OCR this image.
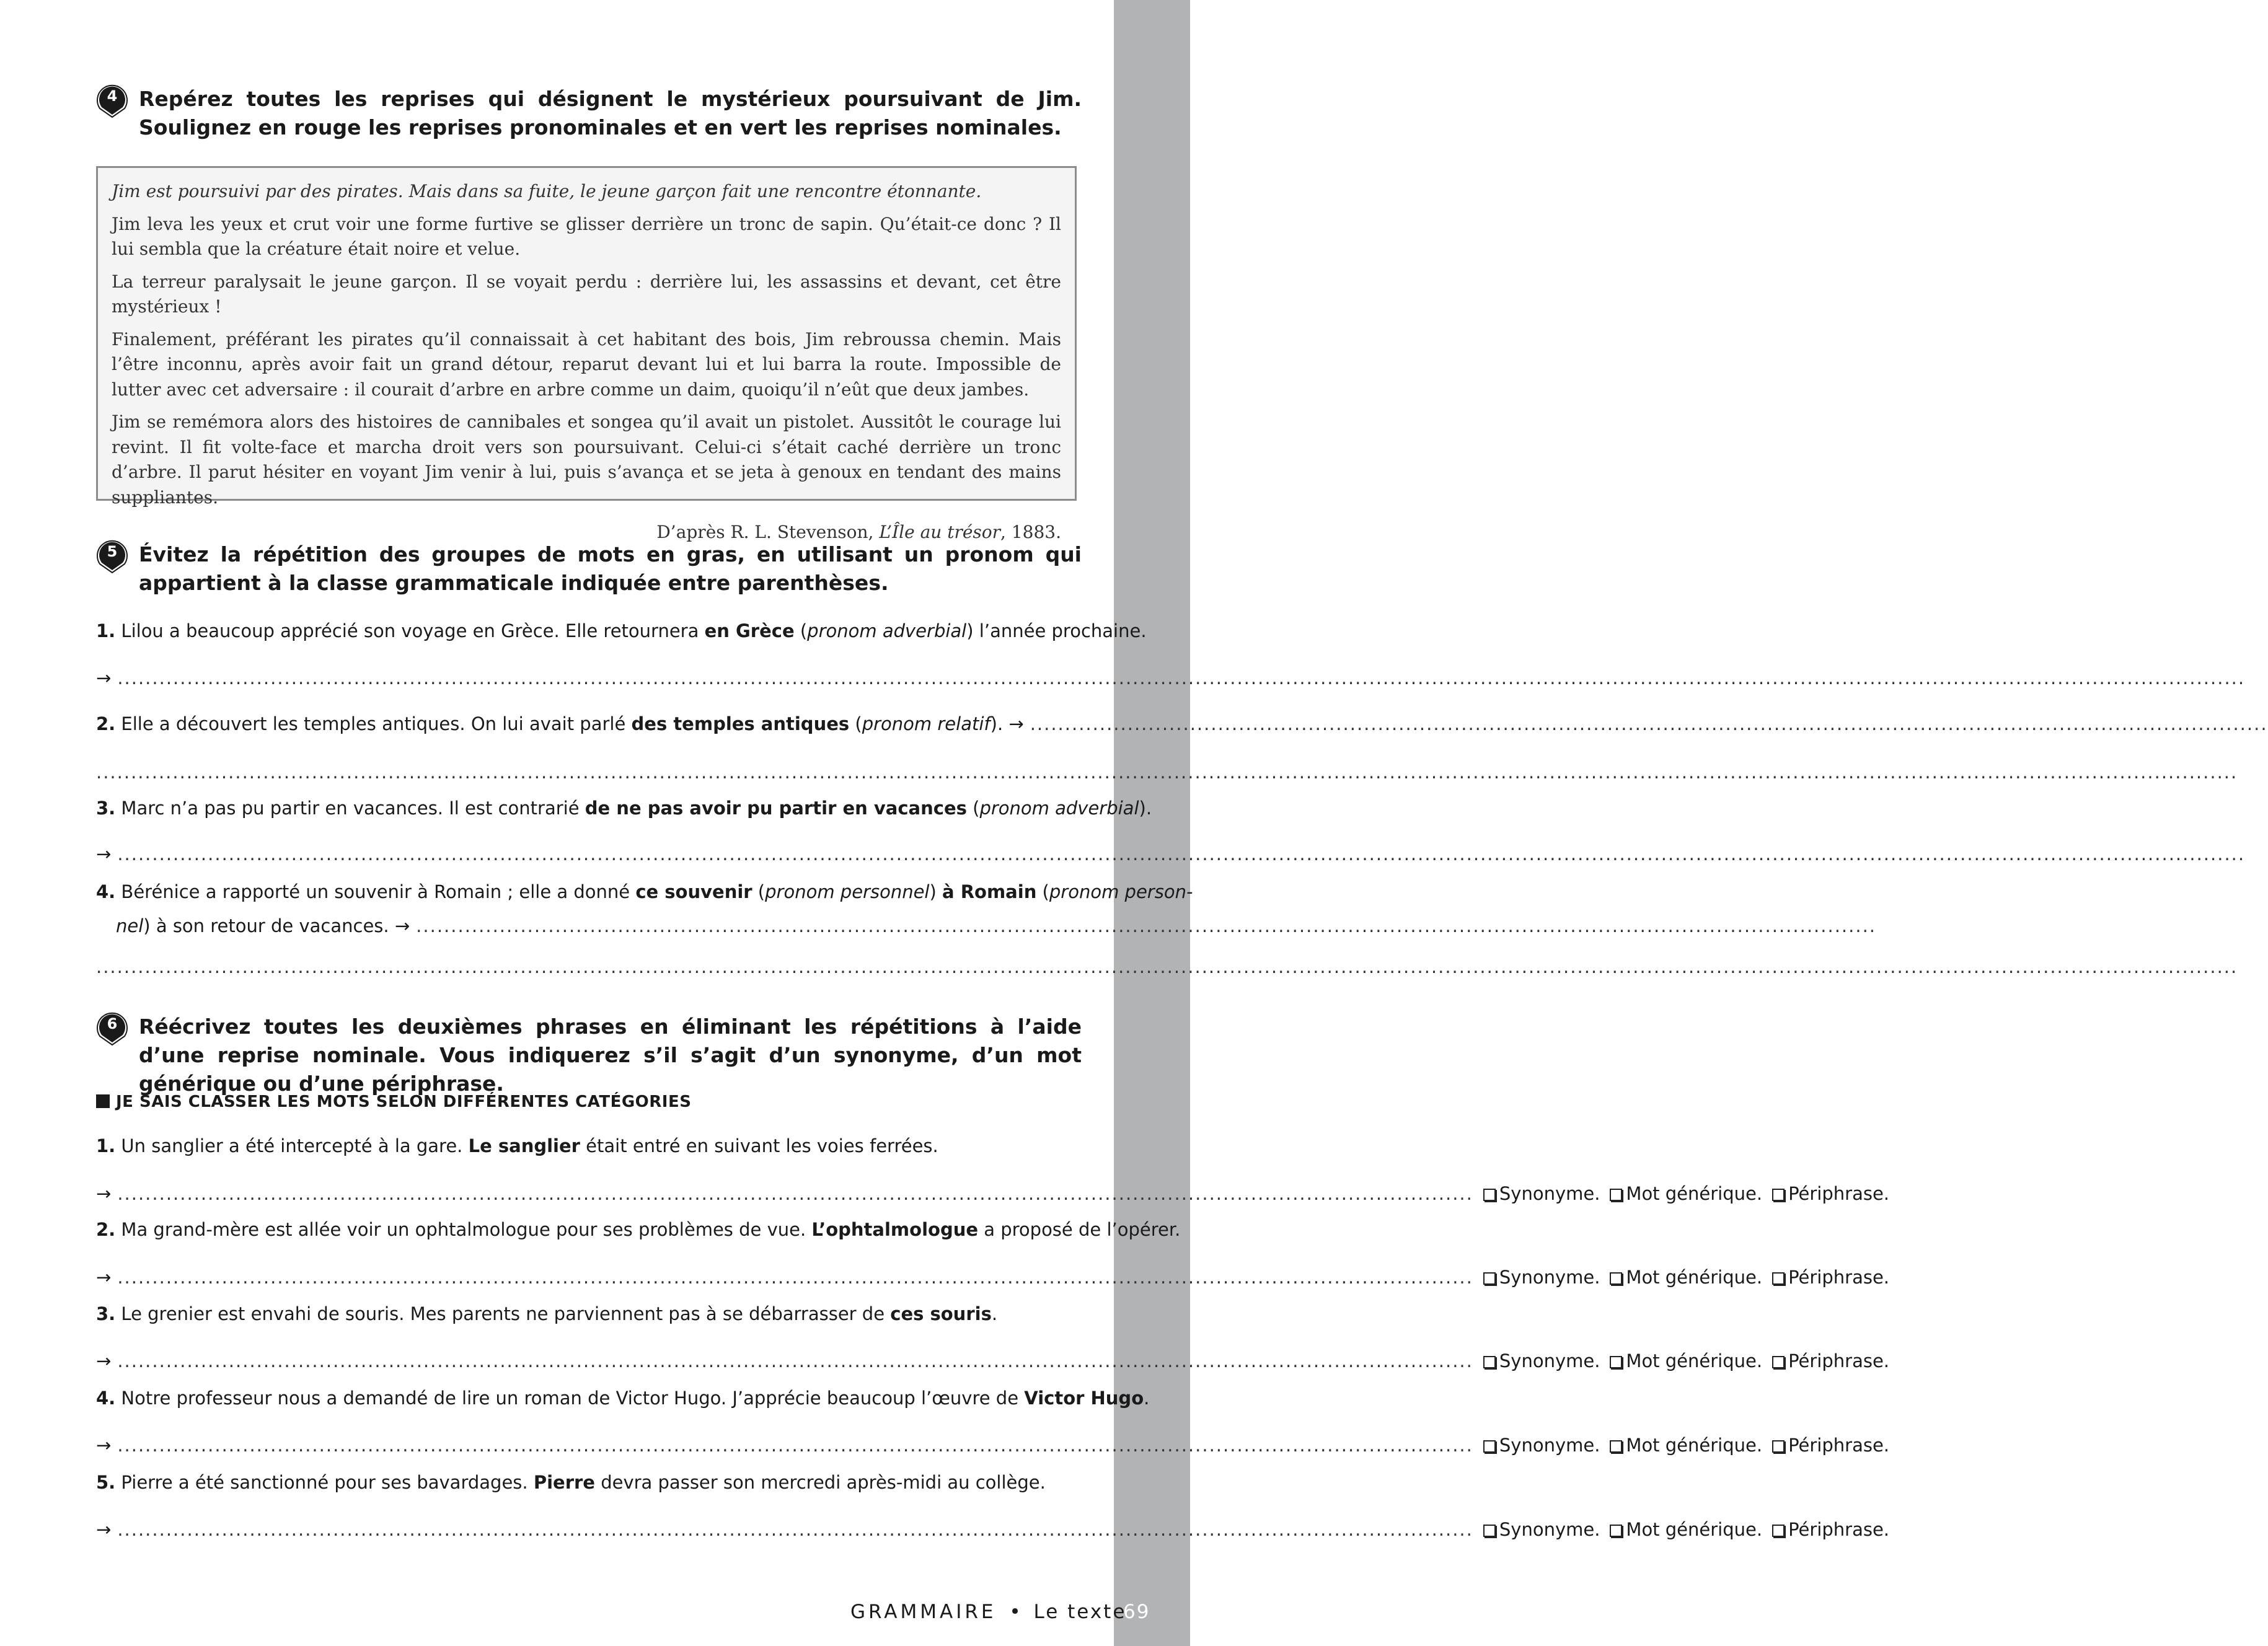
4 Repérez toutes les reprises qui désignent le mystérieux poursuivant de Jim. Soulignez en rouge les reprises pronominales et en vert les reprises nominales.

Jim est poursuivi par des pirates. Mais dans sa fuite, le jeune garçon fait une rencontre étonnante.

Jim leva les yeux et crut voir une forme furtive se glisser derrière un tronc de sapin. Qu’était-ce donc ? Il lui sembla que la créature était noire et velue.

La terreur paralysait le jeune garçon. Il se voyait perdu : derrière lui, les assassins et devant, cet être mystérieux !

Finalement, préférant les pirates qu’il connaissait à cet habitant des bois, Jim rebroussa chemin. Mais l’être inconnu, après avoir fait un grand détour, reparut devant lui et lui barra la route. Impossible de lutter avec cet adversaire : il courait d’arbre en arbre comme un daim, quoiqu’il n’eût que deux jambes.

Jim se remémora alors des histoires de cannibales et songea qu’il avait un pistolet. Aussitôt le courage lui revint. Il fit volte-face et marcha droit vers son poursuivant. Celui-ci s’était caché derrière un tronc d’arbre. Il parut hésiter en voyant Jim venir à lui, puis s’avança et se jeta à genoux en tendant des mains suppliantes.

D’après R. L. Stevenson, L’Île au trésor, 1883.

5 Évitez la répétition des groupes de mots en gras, en utilisant un pronom qui appartient à la classe grammaticale indiquée entre parenthèses.
1. Lilou a beaucoup apprécié son voyage en Grèce. Elle retournera en Grèce (pronom adverbial) l’année prochaine.
→ ..................................................................................................................................................................................................................................................................................................................
2. Elle a découvert les temples antiques. On lui avait parlé des temples antiques (pronom relatif). → ..................................................................................................................................................................................
....................................................................................................................................................................................................................................................................................................................
3. Marc n’a pas pu partir en vacances. Il est contrarié de ne pas avoir pu partir en vacances (pronom adverbial .
→ ..................................................................................................................................................................................................................................................................................................................
4. Bérénice a rapporté un souvenir à Romain ; elle a donné ce souvenir (pronom personnel) à Romain (pronom person-
nel) à son retour de vacances. → ..................................................................................................................................................................................................................
....................................................................................................................................................................................................................................................................................................................
6 Réécrivez toutes les deuxièmes phrases en éliminant les répétitions à l’aide d’une reprise nominale. Vous indiquerez s’il s’agit d’un synonyme, d’un mot générique ou d’une périphrase.
JE SAIS CLASSER LES MOTS SELON DIFFÉRENTES CATÉGORIES
1. Un sanglier a été intercepté à la gare. Le sanglier était entré en suivant les voies ferrées.
→ ...................................................................................................................................................................................................	Synonyme.	Mot générique.	Périphrase.
2. Ma grand-mère est allée voir un ophtalmologue pour ses problèmes de vue. L’ophtalmologue a proposé de l’opérer.
→ ...................................................................................................................................................................................................	Synonyme.	Mot générique.	Périphrase.
3. Le grenier est envahi de souris. Mes parents ne parviennent pas à se débarrasser de ces souris.
→ ...................................................................................................................................................................................................	Synonyme.	Mot générique.	Périphrase.
4. Notre professeur nous a demandé de lire un roman de Victor Hugo. J’apprécie beaucoup l’œuvre de Victor Hugo.
→ ...................................................................................................................................................................................................	Synonyme.	Mot générique.	Périphrase.
5. Pierre a été sanctionné pour ses bavardages. Pierre devra passer son mercredi après-midi au collège.
→ ...................................................................................................................................................................................................	Synonyme.	Mot générique.	Périphrase.
GRAMMAIRE • Le texte
69
